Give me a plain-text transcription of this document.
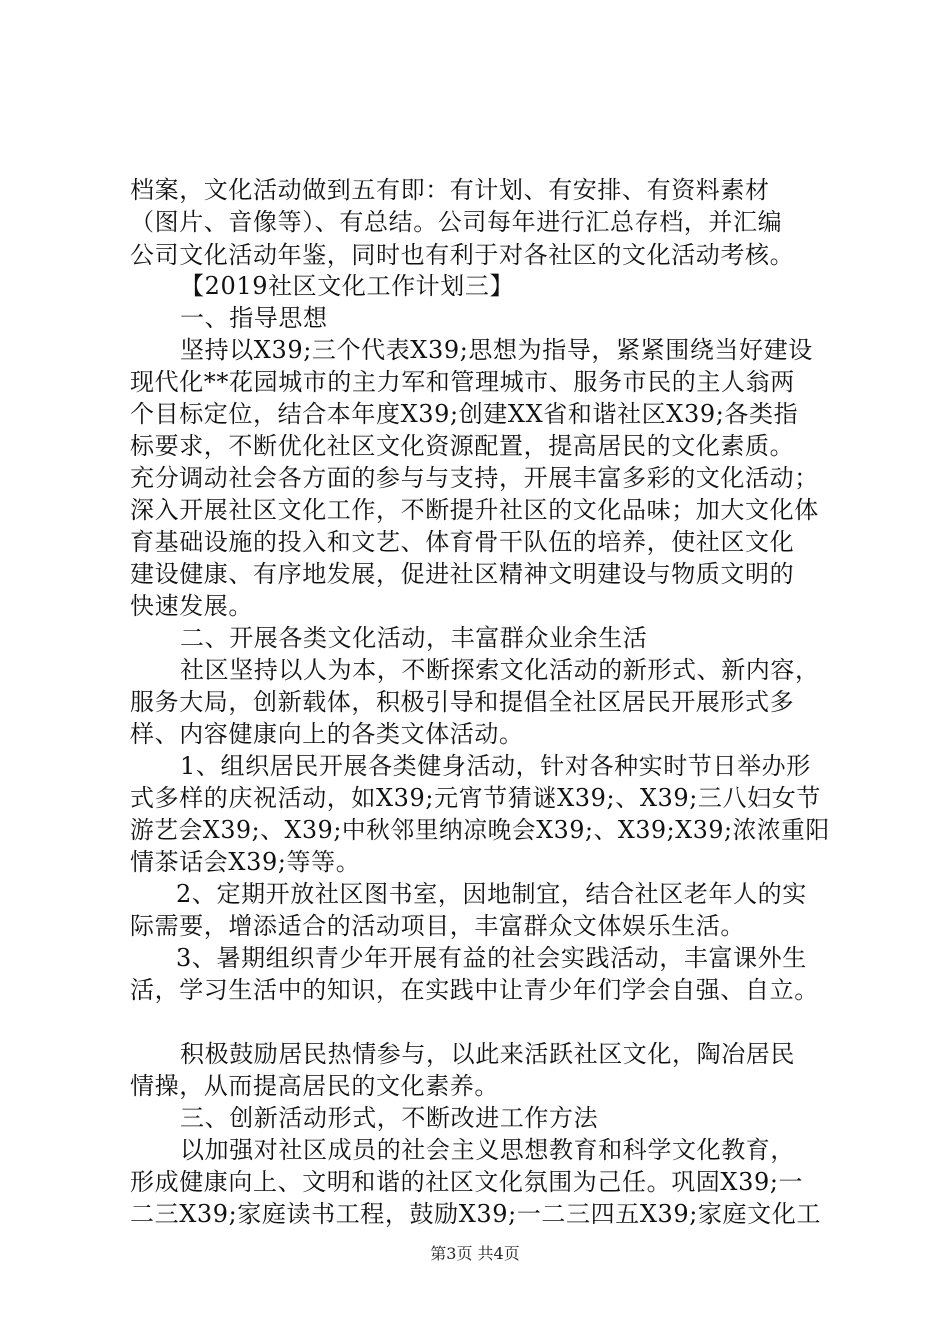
档案，文化活动做到五有即：有计划、有安排、有资料素材
（图片、音像等）、有总结。公司每年进行汇总存档，并汇编
公司文化活动年鉴，同时也有利于对各社区的文化活动考核。
【2019社区文化工作计划三】
一、指导思想
坚持以X39;三个代表X39;思想为指导，紧紧围绕当好建设
现代化**花园城市的主力军和管理城市、服务市民的主人翁两
个目标定位，结合本年度X39;创建XX省和谐社区X39;各类指
标要求，不断优化社区文化资源配置，提高居民的文化素质。
充分调动社会各方面的参与与支持，开展丰富多彩的文化活动；
深入开展社区文化工作，不断提升社区的文化品味；加大文化体
育基础设施的投入和文艺、体育骨干队伍的培养，使社区文化
建设健康、有序地发展，促进社区精神文明建设与物质文明的
快速发展。
二、开展各类文化活动，丰富群众业余生活
社区坚持以人为本，不断探索文化活动的新形式、新内容，
服务大局，创新载体，积极引导和提倡全社区居民开展形式多
样、内容健康向上的各类文体活动。
1、组织居民开展各类健身活动，针对各种实时节日举办形
式多样的庆祝活动，如X39;元宵节猜谜X39;、X39;三八妇女节
游艺会X39;、X39;中秋邻里纳凉晚会X39;、X39;X39;浓浓重阳
情茶话会X39;等等。
2、定期开放社区图书室，因地制宜，结合社区老年人的实
际需要，增添适合的活动项目，丰富群众文体娱乐生活。
3、暑期组织青少年开展有益的社会实践活动，丰富课外生
活，学习生活中的知识，在实践中让青少年们学会自强、自立。
积极鼓励居民热情参与，以此来活跃社区文化，陶冶居民
情操，从而提高居民的文化素养。
三、创新活动形式，不断改进工作方法
以加强对社区成员的社会主义思想教育和科学文化教育，
形成健康向上、文明和谐的社区文化氛围为己任。巩固X39;一
二三X39;家庭读书工程，鼓励X39;一二三四五X39;家庭文化工
第3页 共4页
